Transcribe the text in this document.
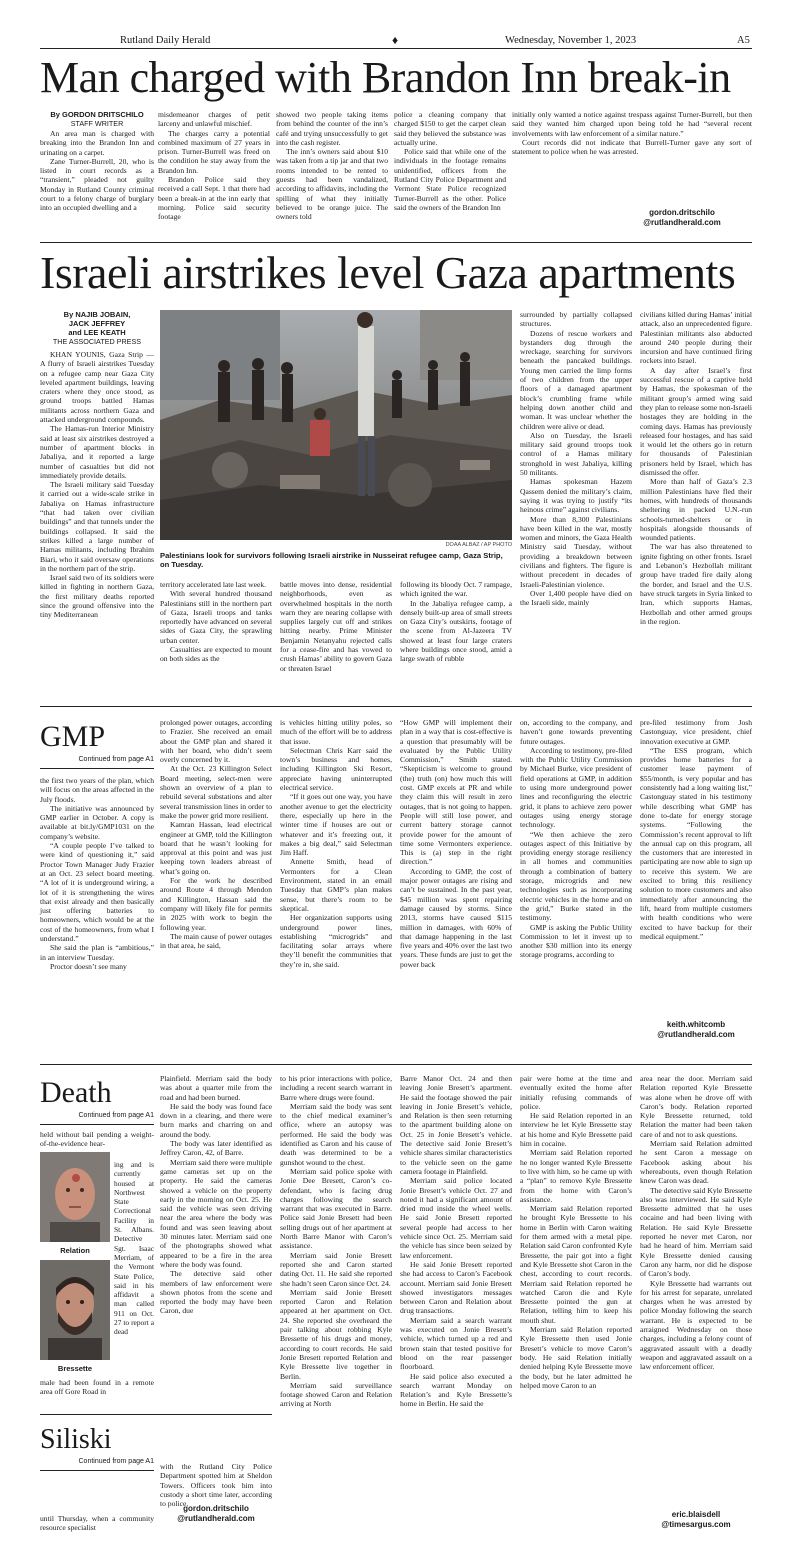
Rutland Daily Herald	♦	Wednesday, November 1, 2023	A5
Man charged with Brandon Inn break-in
By GORDON DRITSCHILO
STAFF WRITER

An area man is charged with breaking into the Brandon Inn and urinating on a carpet.

Zane Turner-Burrell, 20, who is listed in court records as a “transient,” pleaded not guilty Monday in Rutland County criminal court to a felony charge of burglary into an occupied dwelling and a

misdemeanor charges of petit larceny and unlawful mischief.

The charges carry a potential combined maximum of 27 years in prison. Turner-Burrell was freed on the condition he stay away from the Brandon Inn.

Brandon Police said they received a call Sept. 1 that there had been a break-in at the inn early that morning. Police said security footage

showed two people taking items from behind the counter of the inn’s café and trying unsuccessfully to get into the cash register.

The inn’s owners said about $10 was taken from a tip jar and that two rooms intended to be rented to guests had been vandalized, according to affidavits, including the spilling of what they initially believed to be orange juice. The owners told

police a cleaning company that charged $150 to get the carpet clean said they believed the substance was actually urine.

Police said that while one of the individuals in the footage remains unidentified, officers from the Rutland City Police Department and Vermont State Police recognized Turner-Burrell as the other. Police said the owners of the Brandon Inn

initially only wanted a notice against trespass against Turner-Burrell, but then said they wanted him charged upon being told he had “several recent involvements with law enforcement of a similar nature.”

Court records did not indicate that Burrell-Turner gave any sort of statement to police when he was arrested.

gordon.dritschilo
@rutlandherald.com
Israeli airstrikes level Gaza apartments
By NAJIB JOBAIN,
JACK JEFFREY
and LEE KEATH
THE ASSOCIATED PRESS

KHAN YOUNIS, Gaza Strip — A flurry of Israeli airstrikes Tuesday on a refugee camp near Gaza City leveled apartment buildings, leaving craters where they once stood, as ground troops battled Hamas militants across northern Gaza and attacked underground compounds.

The Hamas-run Interior Ministry said at least six airstrikes destroyed a number of apartment blocks in Jabaliya, and it reported a large number of casualties but did not immediately provide details.

The Israeli military said Tuesday it carried out a wide-scale strike in Jabaliya on Hamas infrastructure “that had taken over civilian buildings” and that tunnels under the buildings collapsed. It said the strikes killed a large number of Hamas militants, including Ibrahim Biari, who it said oversaw operations in the northern part of the strip.

Israel said two of its soldiers were killed in fighting in northern Gaza, the first military deaths reported since the ground offensive into the tiny Mediterranean

DOAA ALBAZ / AP PHOTO
Palestinians look for survivors following Israeli airstrike in Nusseirat refugee camp, Gaza Strip, on Tuesday.

territory accelerated late last week.

With several hundred thousand Palestinians still in the northern part of Gaza, Israeli troops and tanks reportedly have advanced on several sides of Gaza City, the sprawling urban center.

Casualties are expected to mount on both sides as the

battle moves into dense, residential neighborhoods, even as overwhelmed hospitals in the north warn they are nearing collapse with supplies largely cut off and strikes hitting nearby. Prime Minister Benjamin Netanyahu rejected calls for a cease-fire and has vowed to crush Hamas’ ability to govern Gaza or threaten Israel

following its bloody Oct. 7 rampage, which ignited the war.

In the Jabaliya refugee camp, a densely built-up area of small streets on Gaza City’s outskirts, footage of the scene from Al-Jazeera TV showed at least four large craters where buildings once stood, amid a large swath of rubble

surrounded by partially collapsed structures.

Dozens of rescue workers and bystanders dug through the wreckage, searching for survivors beneath the pancaked buildings. Young men carried the limp forms of two children from the upper floors of a damaged apartment block’s crumbling frame while helping down another child and woman. It was unclear whether the children were alive or dead.

Also on Tuesday, the Israeli military said ground troops took control of a Hamas military stronghold in west Jabaliya, killing 50 militants.

Hamas spokesman Hazem Qassem denied the military’s claim, saying it was trying to justify “its heinous crime” against civilians.

More than 8,300 Palestinians have been killed in the war, mostly women and minors, the Gaza Health Ministry said Tuesday, without providing a breakdown between civilians and fighters. The figure is without precedent in decades of Israeli-Palestinian violence.

Over 1,400 people have died on the Israeli side, mainly

civilians killed during Hamas’ initial attack, also an unprecedented figure. Palestinian militants also abducted around 240 people during their incursion and have continued firing rockets into Israel.

A day after Israel’s first successful rescue of a captive held by Hamas, the spokesman of the militant group’s armed wing said they plan to release some non-Israeli hostages they are holding in the coming days. Hamas has previously released four hostages, and has said it would let the others go in return for thousands of Palestinian prisoners held by Israel, which has dismissed the offer.

More than half of Gaza’s 2.3 million Palestinians have fled their homes, with hundreds of thousands sheltering in packed U.N.-run schools-turned-shelters or in hospitals alongside thousands of wounded patients.

The war has also threatened to ignite fighting on other fronts. Israel and Lebanon’s Hezbollah militant group have traded fire daily along the border, and Israel and the U.S. have struck targets in Syria linked to Iran, which supports Hamas, Hezbollah and other armed groups in the region.

GMP
Continued from page A1

the first two years of the plan, which will focus on the areas affected in the July floods.

The initiative was announced by GMP earlier in October. A copy is available at bit.ly/GMP1031 on the company’s website.

“A couple people I’ve talked to were kind of questioning it,” said Proctor Town Manager Judy Frazier at an Oct. 23 select board meeting. “A lot of it is underground wiring, a lot of it is strengthening the wires that exist already and then basically just offering batteries to homeowners, which would be at the cost of the homeowners, from what I understand.”

She said the plan is “ambitious,” in an interview Tuesday.

Proctor doesn’t see many

prolonged power outages, according to Frazier. She received an email about the GMP plan and shared it with her board, who didn’t seem overly concerned by it.

At the Oct. 23 Killington Select Board meeting, select-men were shown an overview of a plan to rebuild several substations and alter several transmission lines in order to make the power grid more resilient.

Kamran Hassan, lead electrical engineer at GMP, told the Killington board that he wasn’t looking for approval at this point and was just keeping town leaders abreast of what’s going on.

For the work he described around Route 4 through Mendon and Killington, Hassan said the company will likely file for permits in 2025 with work to begin the following year.

The main cause of power outages in that area, he said,

is vehicles hitting utility poles, so much of the effort will be to address that issue.

Selectman Chris Karr said the town’s business and homes, including Killington Ski Resort, appreciate having uninterrupted electrical service.

“If it goes out one way, you have another avenue to get the electricity there, especially up here in the winter time if houses are out or whatever and it’s freezing out, it makes a big deal,” said Selectman Jim Haff.

Annette Smith, head of Vermonters for a Clean Environment, stated in an email Tuesday that GMP’s plan makes sense, but there’s room to be skeptical.

Her organization supports using underground power lines, establishing “microgrids” and facilitating solar arrays where they’ll benefit the communities that they’re in, she said.

“How GMP will implement their plan in a way that is cost-effective is a question that presumably will be evaluated by the Public Utility Commission,” Smith stated. “Skepticism is welcome to ground (the) truth (on) how much this will cost. GMP excels at PR and while they claim this will result in zero outages, that is not going to happen. People will still lose power, and current battery storage cannot provide power for the amount of time some Vermonters experience. This is (a) step in the right direction.”

According to GMP, the cost of major power outages are rising and can’t be sustained. In the past year, $45 million was spent repairing damage caused by storms. Since 2013, storms have caused $115 million in damages, with 60% of that damage happening in the last five years and 40% over the last two years. These funds are just to get the power back

on, according to the company, and haven’t gone towards preventing future outages.

According to testimony, pre-filed with the Public Utility Commission by Michael Burke, vice president of field operations at GMP, in addition to using more underground power lines and reconfiguring the electric grid, it plans to achieve zero power outages using energy storage technology.

“We then achieve the zero outages aspect of this Initiative by providing energy storage resiliency in all homes and communities through a combination of battery storage, microgrids and new technologies such as incorporating electric vehicles in the home and on the grid,” Burke stated in the testimony.

GMP is asking the Public Utility Commission to let it invest up to another $30 million into its energy storage programs, according to

pre-filed testimony from Josh Castonguay, vice president, chief innovation executive at GMP.

“The ESS program, which provides home batteries for a customer lease payment of $55/month, is very popular and has consistently had a long waiting list,” Castonguay stated in his testimony while describing what GMP has done to-date for energy storage systems. “Following the Commission’s recent approval to lift the annual cap on this program, all the customers that are interested in participating are now able to sign up to receive this system. We are excited to bring this resiliency solution to more customers and also immediately after announcing the lift, heard from multiple customers with health conditions who were excited to have backup for their medical equipment.”

keith.whitcomb
@rutlandherald.com
Death
Continued from page A1

held without bail pending a weight-of-the-evidence hear-

Relation
Bressette

ing and is currently housed at Northwest State Correctional Facility in St. Albans. Detective Sgt. Isaac Merriam, of the Vermont State Police, said in his affidavit a man called 911 on Oct. 27 to report a dead

male had been found in a remote area off Gore Road in

Plainfield. Merriam said the body was about a quarter mile from the road and had been burned.

He said the body was found face down in a clearing, and there were burn marks and charring on and around the body.

The body was later identified as Jeffrey Caron, 42, of Barre.

Merriam said there were multiple game cameras set up on the property. He said the cameras showed a vehicle on the property early in the morning on Oct. 25. He said the vehicle was seen driving near the area where the body was found and was seen leaving about 30 minutes later. Merriam said one of the photographs showed what appeared to be a fire in the area where the body was found.

The detective said other members of law enforcement were shown photos from the scene and reported the body may have been Caron, due

to his prior interactions with police, including a recent search warrant in Barre where drugs were found.

Merriam said the body was sent to the chief medical examiner’s office, where an autopsy was performed. He said the body was identified as Caron and his cause of death was determined to be a gunshot wound to the chest.

Merriam said police spoke with Jonie Dee Bresett, Caron’s co-defendant, who is facing drug charges following the search warrant that was executed in Barre. Police said Jonie Bresett had been selling drugs out of her apartment at North Barre Manor with Caron’s assistance.

Merriam said Jonie Bresett reported she and Caron started dating Oct. 11. He said she reported she hadn’t seen Caron since Oct. 24.

Merriam said Jonie Bresett reported Caron and Relation appeared at her apartment on Oct. 24. She reported she overheard the pair talking about robbing Kyle Bressette of his drugs and money, according to court records. He said Jonie Bresett reported Relation and Kyle Bressette live together in Berlin.

Merriam said surveillance footage showed Caron and Relation arriving at North

Barre Manor Oct. 24 and then leaving Jonie Bresett’s apartment. He said the footage showed the pair leaving in Jonie Bresett’s vehicle, and Relation is then seen returning to the apartment building alone on Oct. 25 in Jonie Bresett’s vehicle. The detective said Jonie Bresett’s vehicle shares similar characteristics to the vehicle seen on the game camera footage in Plainfield.

Merriam said police located Jonie Bresett’s vehicle Oct. 27 and noted it had a significant amount of dried mud inside the wheel wells. He said Jonie Bresett reported several people had access to her vehicle since Oct. 25. Merriam said the vehicle has since been seized by law enforcement.

He said Jonie Bresett reported she had access to Caron’s Facebook account. Merriam said Jonie Bresett showed investigators messages between Caron and Relation about drug transactions.

Merriam said a search warrant was executed on Jonie Bresett’s vehicle, which turned up a red and brown stain that tested positive for blood on the rear passenger floorboard.

He said police also executed a search warrant Monday on Relation’s and Kyle Bressette’s home in Berlin. He said the

pair were home at the time and eventually exited the home after initially refusing commands of police.

He said Relation reported in an interview he let Kyle Bressette stay at his home and Kyle Bressette paid him in cocaine.

Merriam said Relation reported he no longer wanted Kyle Bressette to live with him, so he came up with a “plan” to remove Kyle Bressette from the home with Caron’s assistance.

Merriam said Relation reported he brought Kyle Bressette to his home in Berlin with Caron waiting for them armed with a metal pipe. Relation said Caron confronted Kyle Bressette, the pair got into a fight and Kyle Bressette shot Caron in the chest, according to court records. Merriam said Relation reported he watched Caron die and Kyle Bressette pointed the gun at Relation, telling him to keep his mouth shut.

Merriam said Relation reported Kyle Bressette then used Jonie Bresett’s vehicle to move Caron’s body. He said Relation initially denied helping Kyle Bressette move the body, but he later admitted he helped move Caron to an

area near the door. Merriam said Relation reported Kyle Bressette was alone when he drove off with Caron’s body. Relation reported Kyle Bressette returned, told Relation the matter had been taken care of and not to ask questions.

Merriam said Relation admitted he sent Caron a message on Facebook asking about his whereabouts, even though Relation knew Caron was dead.

The detective said Kyle Bressette also was interviewed. He said Kyle Bressette admitted that he uses cocaine and had been living with Relation. He said Kyle Bressette reported he never met Caron, nor had he heard of him. Merriam said Kyle Bressette denied causing Caron any harm, nor did he dispose of Caron’s body.

Kyle Bressette had warrants out for his arrest for separate, unrelated charges when he was arrested by police Monday following the search warrant. He is expected to be arraigned Wednesday on those charges, including a felony count of aggravated assault with a deadly weapon and aggravated assault on a law enforcement officer.

eric.blaisdell
@timesargus.com
Siliski
Continued from page A1

until Thursday, when a community resource specialist

with the Rutland City Police Department spotted him at Sheldon Towers. Officers took him into custody a short time later, according to police.

gordon.dritschilo
@rutlandherald.com
